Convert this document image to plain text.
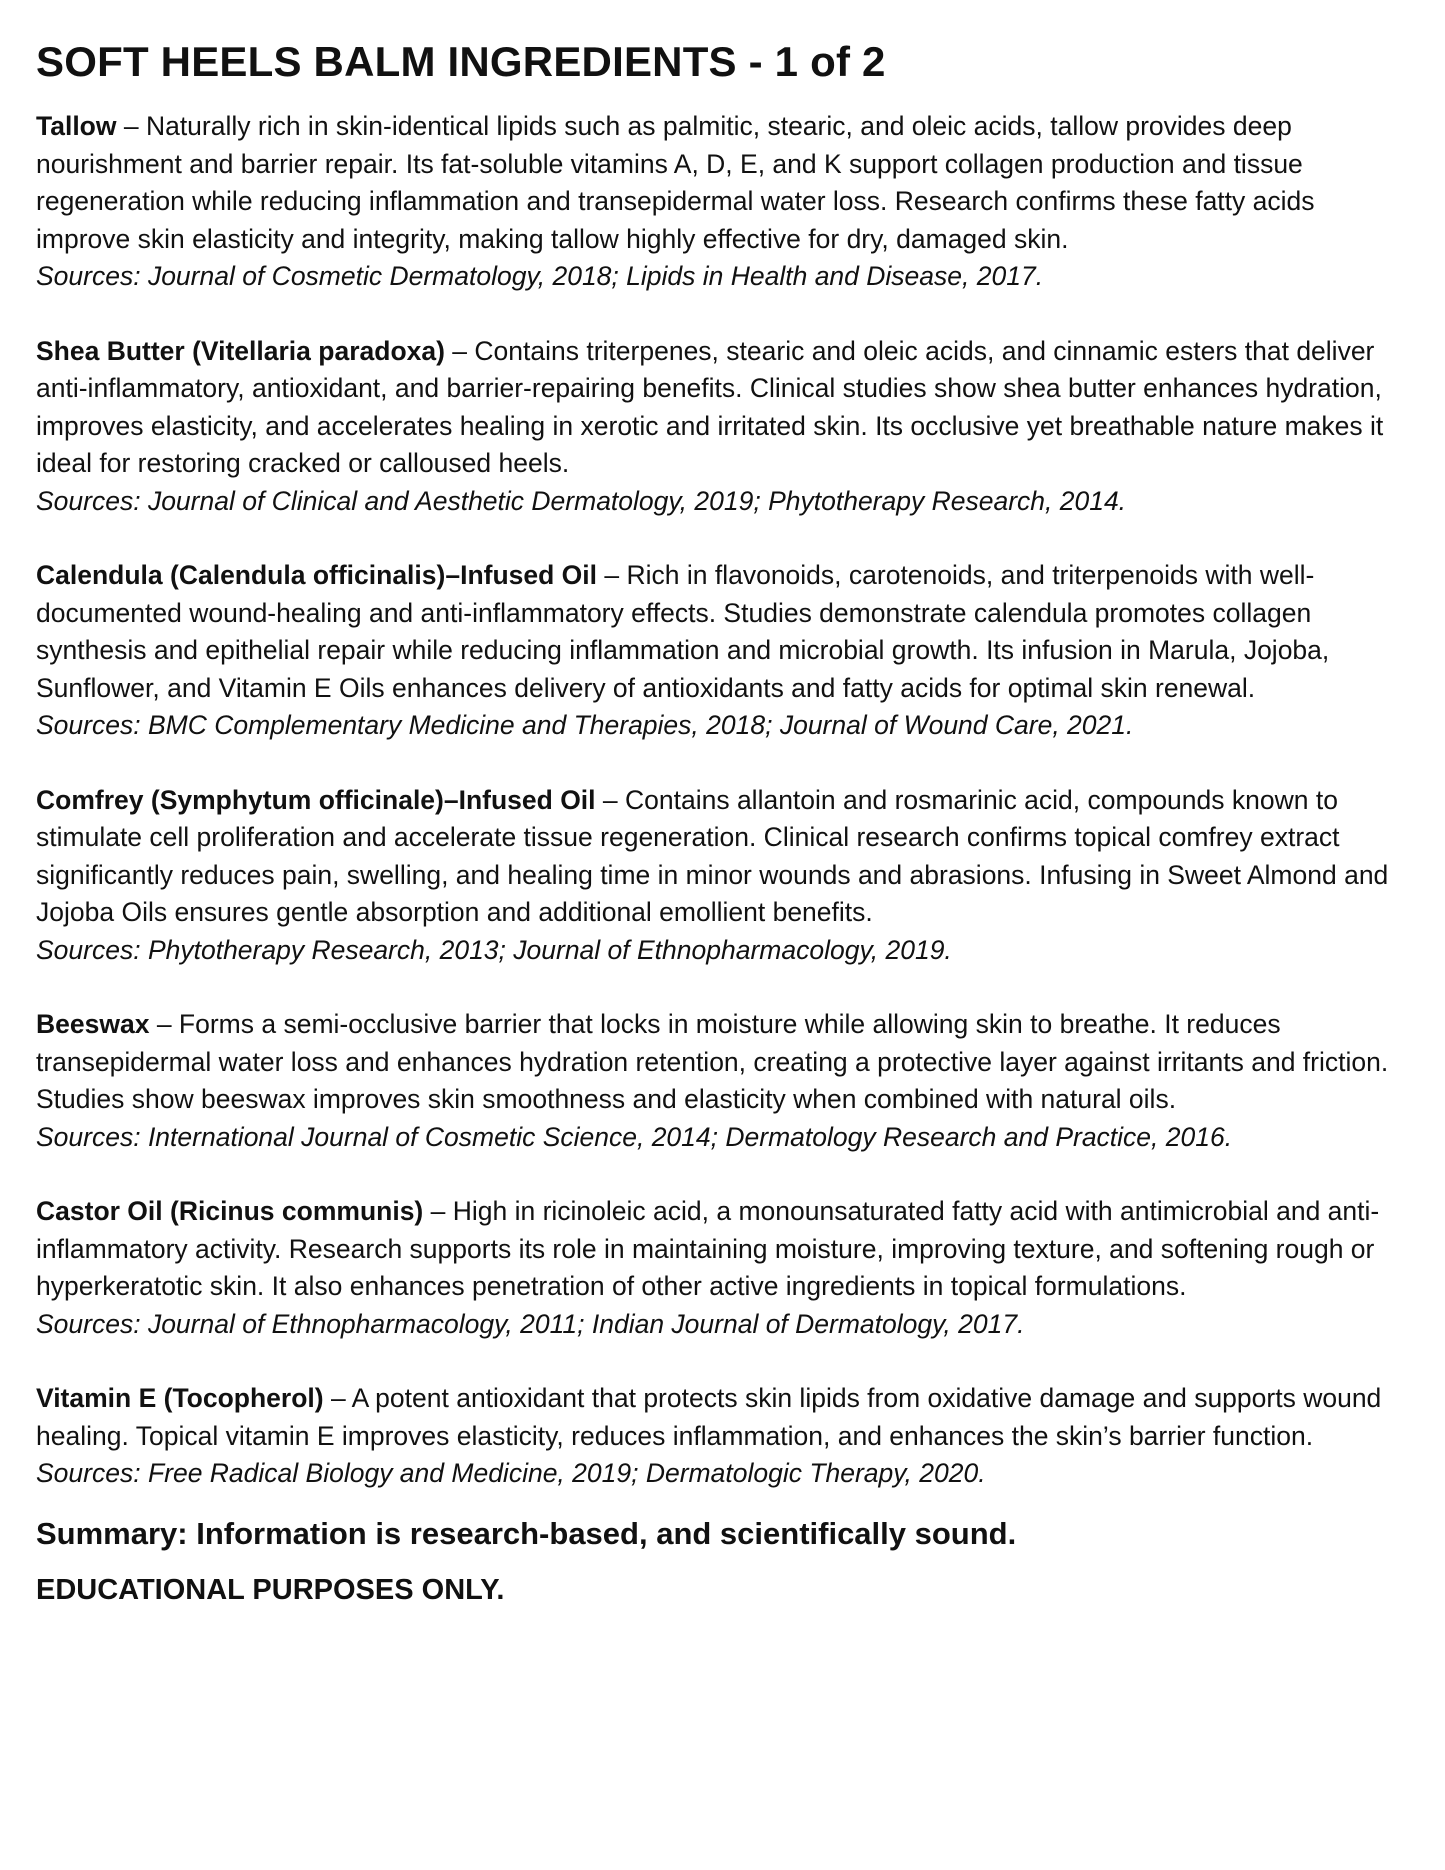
SOFT HEELS BALM INGREDIENTS - 1 of 2

Tallow – Naturally rich in skin-identical lipids such as palmitic, stearic, and oleic acids, tallow provides deep nourishment and barrier repair. Its fat-soluble vitamins A, D, E, and K support collagen production and tissue regeneration while reducing inflammation and transepidermal water loss. Research confirms these fatty acids improve skin elasticity and integrity, making tallow highly effective for dry, damaged skin.

Sources: Journal of Cosmetic Dermatology, 2018; Lipids in Health and Disease, 2017.

Shea Butter (Vitellaria paradoxa) – Contains triterpenes, stearic and oleic acids, and cinnamic esters that deliver anti-inflammatory, antioxidant, and barrier-repairing benefits. Clinical studies show shea butter enhances hydration, improves elasticity, and accelerates healing in xerotic and irritated skin. Its occlusive yet breathable nature makes it ideal for restoring cracked or calloused heels.

Sources: Journal of Clinical and Aesthetic Dermatology, 2019; Phytotherapy Research, 2014.

Calendula (Calendula officinalis)–Infused Oil – Rich in flavonoids, carotenoids, and triterpenoids with well-documented wound-healing and anti-inflammatory effects. Studies demonstrate calendula promotes collagen synthesis and epithelial repair while reducing inflammation and microbial growth. Its infusion in Marula, Jojoba, Sunflower, and Vitamin E Oils enhances delivery of antioxidants and fatty acids for optimal skin renewal.

Sources: BMC Complementary Medicine and Therapies, 2018; Journal of Wound Care, 2021.

Comfrey (Symphytum officinale)–Infused Oil – Contains allantoin and rosmarinic acid, compounds known to stimulate cell proliferation and accelerate tissue regeneration. Clinical research confirms topical comfrey extract significantly reduces pain, swelling, and healing time in minor wounds and abrasions. Infusing in Sweet Almond and Jojoba Oils ensures gentle absorption and additional emollient benefits.

Sources: Phytotherapy Research, 2013; Journal of Ethnopharmacology, 2019.

Beeswax – Forms a semi-occlusive barrier that locks in moisture while allowing skin to breathe. It reduces transepidermal water loss and enhances hydration retention, creating a protective layer against irritants and friction. Studies show beeswax improves skin smoothness and elasticity when combined with natural oils.

Sources: International Journal of Cosmetic Science, 2014; Dermatology Research and Practice, 2016.

Castor Oil (Ricinus communis) – High in ricinoleic acid, a monounsaturated fatty acid with antimicrobial and anti-inflammatory activity. Research supports its role in maintaining moisture, improving texture, and softening rough or hyperkeratotic skin. It also enhances penetration of other active ingredients in topical formulations.

Sources: Journal of Ethnopharmacology, 2011; Indian Journal of Dermatology, 2017.

Vitamin E (Tocopherol) – A potent antioxidant that protects skin lipids from oxidative damage and supports wound healing. Topical vitamin E improves elasticity, reduces inflammation, and enhances the skin’s barrier function.

Sources: Free Radical Biology and Medicine, 2019; Dermatologic Therapy, 2020.

Summary: Information is research-based, and scientifically sound.

EDUCATIONAL PURPOSES ONLY.
